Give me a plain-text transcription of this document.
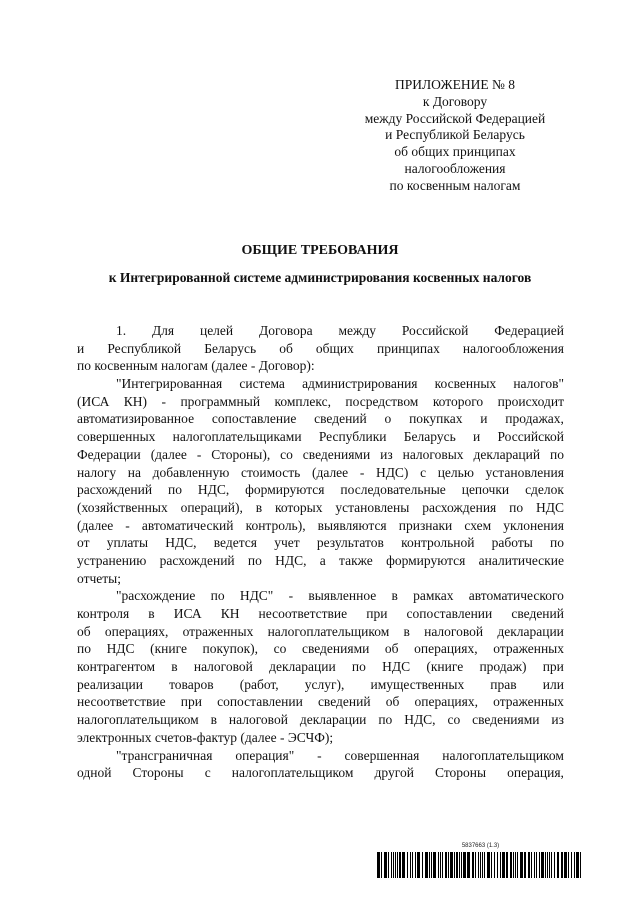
ПРИЛОЖЕНИЕ № 8
к Договору
между Российской Федерацией
и Республикой Беларусь
об общих принципах
налогообложения
по косвенным налогам
ОБЩИЕ ТРЕБОВАНИЯ
к Интегрированной системе администрирования косвенных налогов
1. Для целей Договора между Российской Федерацией
и Республикой Беларусь об общих принципах налогообложения
по косвенным налогам (далее - Договор):
"Интегрированная система администрирования косвенных налогов"
(ИСА КН) - программный комплекс, посредством которого происходит
автоматизированное сопоставление сведений о покупках и продажах,
совершенных налогоплательщиками Республики Беларусь и Российской
Федерации (далее - Стороны), со сведениями из налоговых деклараций по
налогу на добавленную стоимость (далее - НДС) с целью установления
расхождений по НДС, формируются последовательные цепочки сделок
(хозяйственных операций), в которых установлены расхождения по НДС
(далее - автоматический контроль), выявляются признаки схем уклонения
от уплаты НДС, ведется учет результатов контрольной работы по
устранению расхождений по НДС, а также формируются аналитические
отчеты;
"расхождение по НДС" - выявленное в рамках автоматического
контроля в ИСА КН несоответствие при сопоставлении сведений
об операциях, отраженных налогоплательщиком в налоговой декларации
по НДС (книге покупок), со сведениями об операциях, отраженных
контрагентом в налоговой декларации по НДС (книге продаж) при
реализации товаров (работ, услуг), имущественных прав или
несоответствие при сопоставлении сведений об операциях, отраженных
налогоплательщиком в налоговой декларации по НДС, со сведениями из
электронных счетов-фактур (далее - ЭСЧФ);
"трансграничная операция" - совершенная налогоплательщиком
одной Стороны с налогоплательщиком другой Стороны операция,
5837663 (1.3)
